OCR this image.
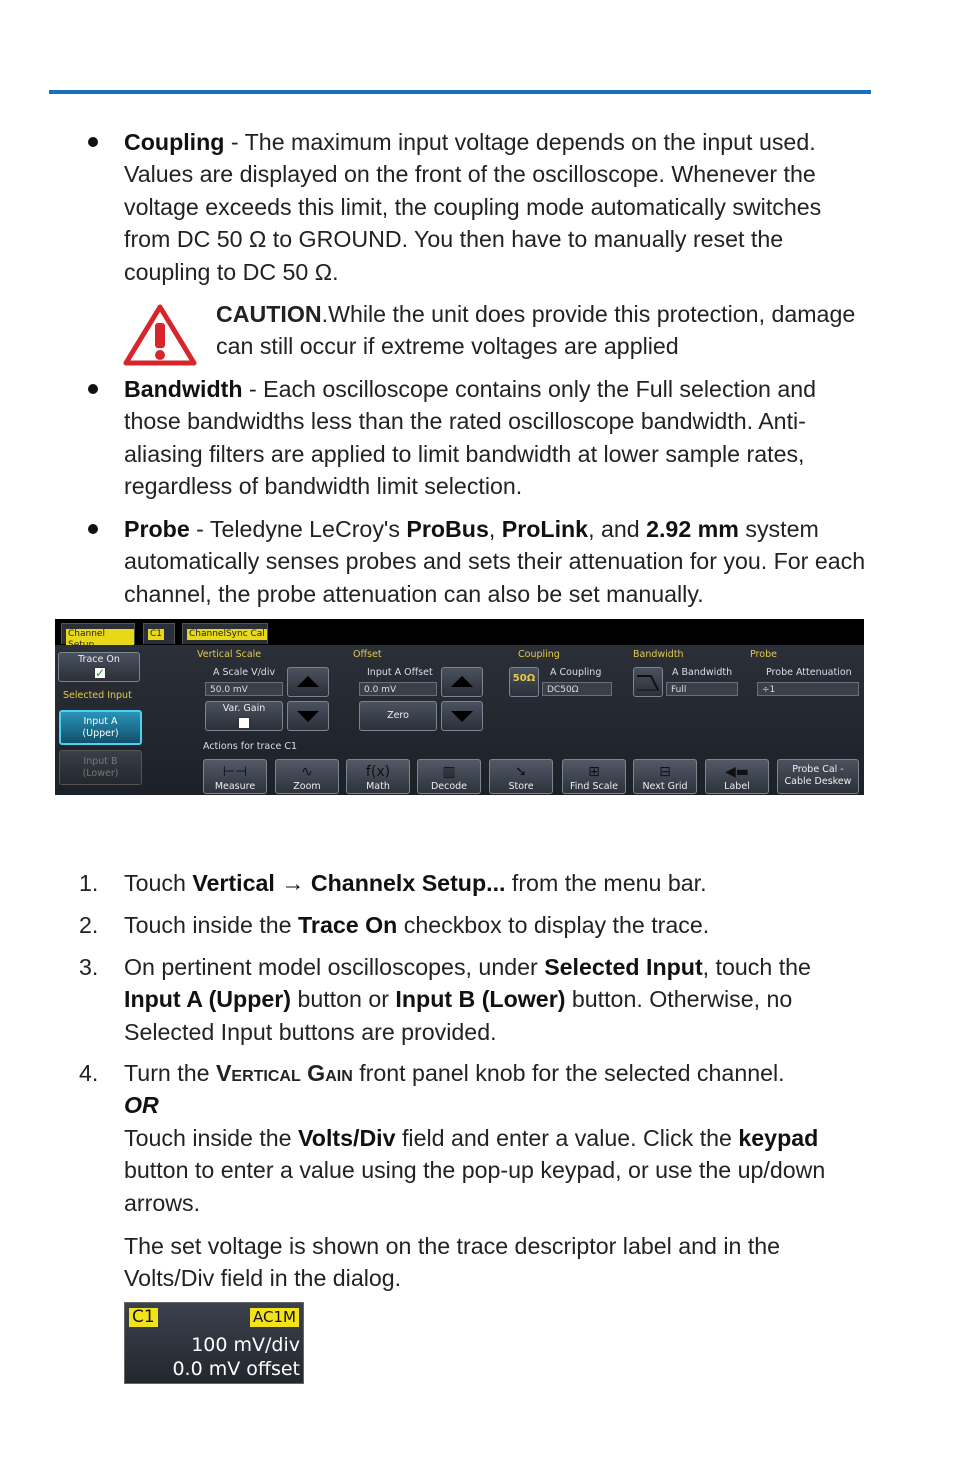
Coupling - The maximum input voltage depends on the input used. Values are displayed on the front of the oscilloscope. Whenever the voltage exceeds this limit, the coupling mode automatically switches from DC 50 Ω to GROUND. You then have to manually reset the coupling to DC 50 Ω.
CAUTION.While the unit does provide this protection, damage can still occur if extreme voltages are applied
Bandwidth - Each oscilloscope contains only the Full selection and those bandwidths less than the rated oscilloscope bandwidth. Anti-aliasing filters are applied to limit bandwidth at lower sample rates, regardless of bandwidth limit selection.
Probe - Teledyne LeCroy's ProBus, ProLink, and 2.92 mm system automatically senses probes and sets their attenuation for you. For each channel, the probe attenuation can also be set manually.
Channel	C1	ChannelSync Cal
Trace On
✓
Selected Input
Input A
(Upper)
Input B
(Lower)
Vertical Scale	Offset	Coupling	Bandwidth	Probe
A Scale V/div
50.0 mV
Var. Gain
Input A Offset
0.0 mV
Zero
50Ω
A Coupling
DC50Ω
A Bandwidth
Full
Probe Attenuation
÷1
Actions for trace C1
⊢⊣
Measure
∿
Zoom
f(x)
Math
▥
Decode
➘
Store
⊞
Find Scale
⊟
Next Grid
◀▬
Label
Probe Cal -
Cable Deskew
1. Touch Vertical → Channelx Setup... from the menu bar.
2. Touch inside the Trace On checkbox to display the trace.
3. On pertinent model oscilloscopes, under Selected Input, touch the Input A (Upper) button or Input B (Lower) button. Otherwise, no Selected Input buttons are provided.
4. Turn the Vertical Gain front panel knob for the selected channel.
OR
Touch inside the Volts/Div field and enter a value. Click the keypad button to enter a value using the pop-up keypad, or use the up/down arrows.
The set voltage is shown on the trace descriptor label and in the Volts/Div field in the dialog.
C1	AC1M
100 mV/div
0.0 mV offset
